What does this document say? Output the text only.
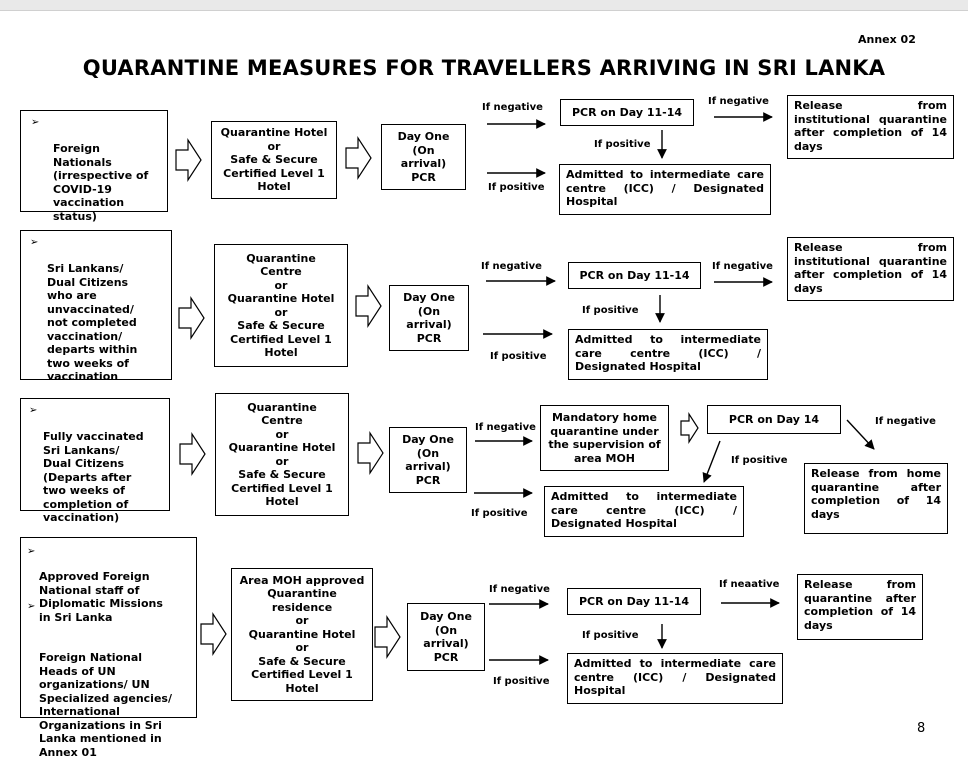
Annex 02
QUARANTINE MEASURES FOR TRAVELLERS ARRIVING IN SRI LANKA
8

➢

Foreign
Nationals
(irrespective of
COVID-19
vaccination
status)

Quarantine Hotel
or
Safe & Secure
Certified Level 1
Hotel
Day One
(On
arrival)
PCR
If negative
If positive
PCR on Day 11-14
If negative
If positive
Release from institutional quarantine after completion of 14 days
Admitted to intermediate care centre (ICC) / Designated Hospital

➢

Sri Lankans/
Dual Citizens
who are
unvaccinated/
not completed
vaccination/
departs within
two weeks of
vaccination

Quarantine
Centre
or
Quarantine Hotel
or
Safe & Secure
Certified Level 1
Hotel
Day One
(On
arrival)
PCR
If negative
If positive
PCR on Day 11-14
If negative
If positive
Release from institutional quarantine after completion of 14 days
Admitted to intermediate care centre (ICC) / Designated Hospital

➢

Fully vaccinated
Sri Lankans/
Dual Citizens
(Departs after
two weeks of
completion of
vaccination)

Quarantine
Centre
or
Quarantine Hotel
or
Safe & Secure
Certified Level 1
Hotel
Day One
(On
arrival)
PCR
If negative
If positive
Mandatory home
quarantine under
the supervision of
area MOH
PCR on Day 14	If negative
If positive
Release from home quarantine after completion of 14 days
Admitted to intermediate care centre (ICC) / Designated Hospital

➢

Approved Foreign
National staff of
Diplomatic Missions
in Sri Lanka

➢

Foreign National
Heads of UN
organizations/ UN
Specialized agencies/
International
Organizations in Sri
Lanka mentioned in
Annex 01

Area MOH approved
Quarantine
residence
or
Quarantine Hotel
or
Safe & Secure
Certified Level 1
Hotel
Day One
(On
arrival)
PCR
If negative
If positive
PCR on Day 11-14
If neaative
If positive
Release from quarantine after completion of 14 days
Admitted to intermediate care centre (ICC) / Designated Hospital
